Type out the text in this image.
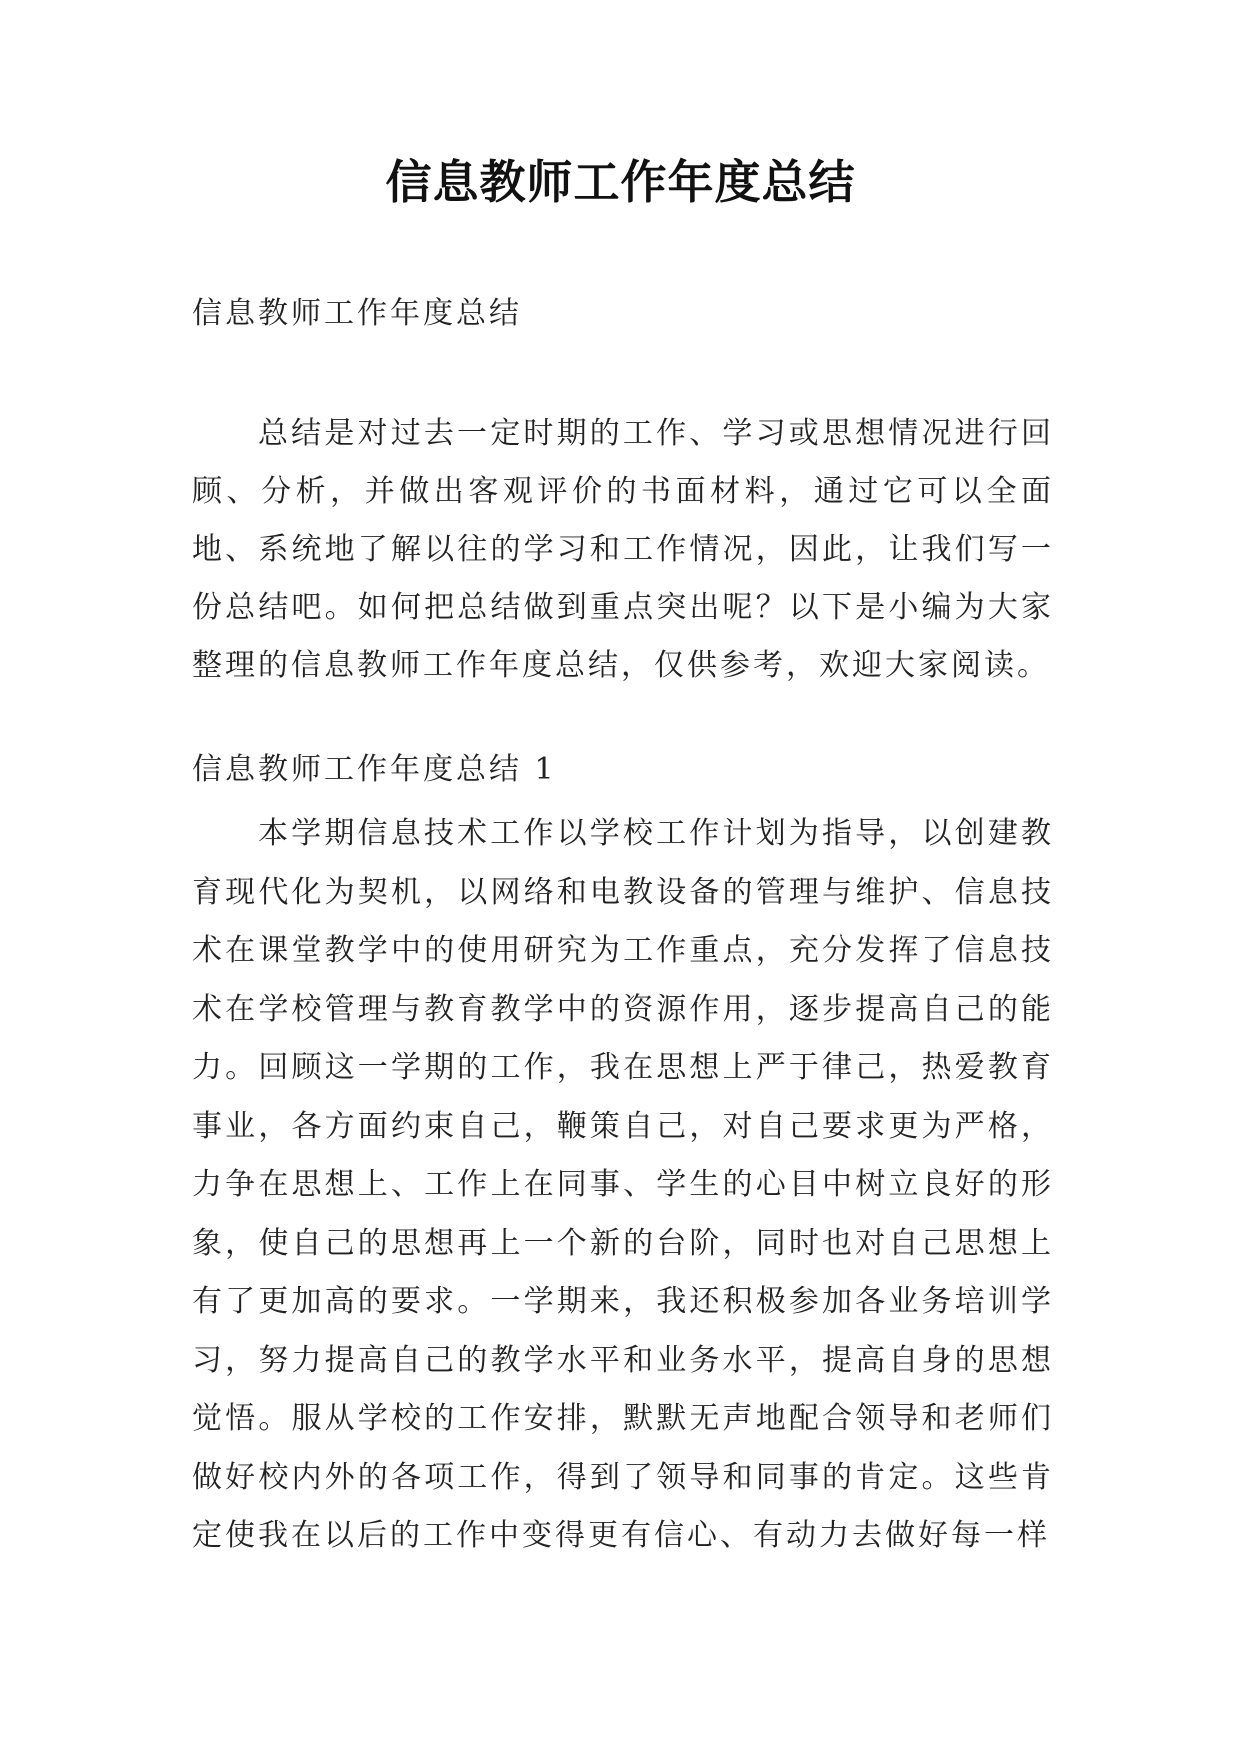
信息教师工作年度总结

信息教师工作年度总结

总结是对过去一定时期的工作、学习或思想情况进行回顾、分析，并做出客观评价的书面材料，通过它可以全面地、系统地了解以往的学习和工作情况，因此，让我们写一份总结吧。如何把总结做到重点突出呢？以下是小编为大家整理的信息教师工作年度总结，仅供参考，欢迎大家阅读。

信息教师工作年度总结 1

本学期信息技术工作以学校工作计划为指导，以创建教育现代化为契机，以网络和电教设备的管理与维护、信息技术在课堂教学中的使用研究为工作重点，充分发挥了信息技术在学校管理与教育教学中的资源作用，逐步提高自己的能力。回顾这一学期的工作，我在思想上严于律己，热爱教育事业，各方面约束自己，鞭策自己，对自己要求更为严格，力争在思想上、工作上在同事、学生的心目中树立良好的形象，使自己的思想再上一个新的台阶，同时也对自己思想上有了更加高的要求。一学期来，我还积极参加各业务培训学习，努力提高自己的教学水平和业务水平，提高自身的思想觉悟。服从学校的工作安排，默默无声地配合领导和老师们做好校内外的各项工作，得到了领导和同事的肯定。这些肯定使我在以后的工作中变得更有信心、有动力去做好每一样
